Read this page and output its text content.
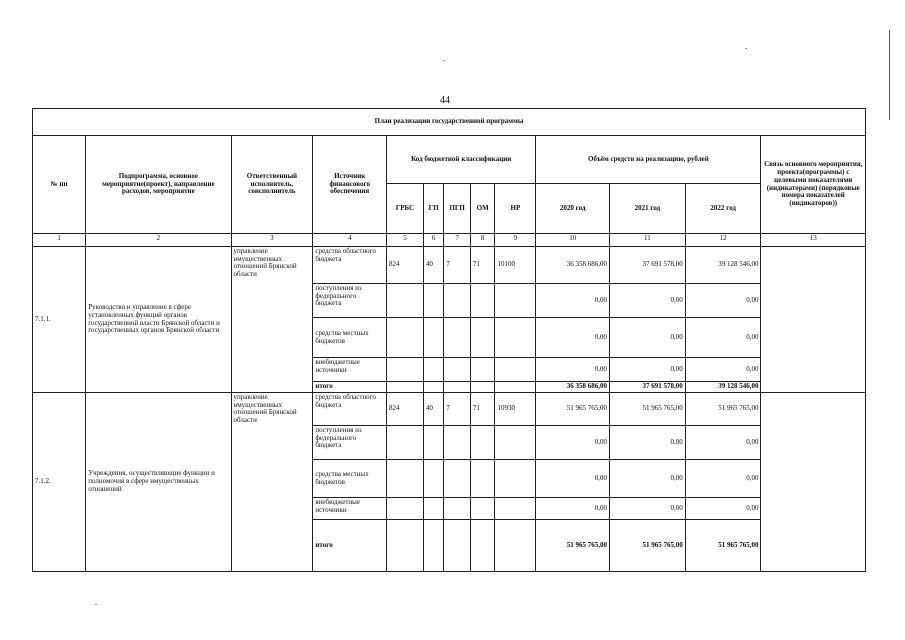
44
План реализации государственной программы												
№ пп	Подпрограмма, основное мероприятие(проект), направление расходов, мероприятие	Ответственный исполнитель, соисполнитель	Источник финансового обеспечения	Код бюджетной классификации					Объём средств на реализацию, рублей			Связь основного мероприятия, проекта(программы) с целевыми показателями (индикаторами) (порядковые номера показателей (индикаторов))
				ГРБС	ГП	ПГП	ОМ	НР	2020 год	2021 год	2022 год	
1	2	3	4	5	6	7	8	9	10	11	12	13
7.1.1.	Руководство и управление в сфере установленных функций органов государственной власти Брянской области и государственных органов Брянской области	управление имущественных отношений Брянской области	средства областного бюджета	824	40	7	71	10100	36 358 686,00	37 691 578,00	39 128 546,00	
			поступления из федерального бюджета						0,00	0,00	0,00	
			средства местных бюджетов						0,00	0,00	0,00	
			внебюджетные источники						0,00	0,00	0,00	
			итого						36 358 686,00	37 691 578,00	39 128 546,00	
7.1.2.	Учреждения, осуществляющие функции и полномочия в сфере имущественных отношений	управление имущественных отношений Брянской области	средства областного бюджета	824	40	7	71	10930	51 965 765,00	51 965 765,00	51 965 765,00	
			поступления из федерального бюджета						0,00	0,00	0,00	
			средства местных бюджетов						0,00	0,00	0,00	
			внебюджетные источники						0,00	0,00	0,00	
			итого						51 965 765,00	51 965 765,00	51 965 765,00	
